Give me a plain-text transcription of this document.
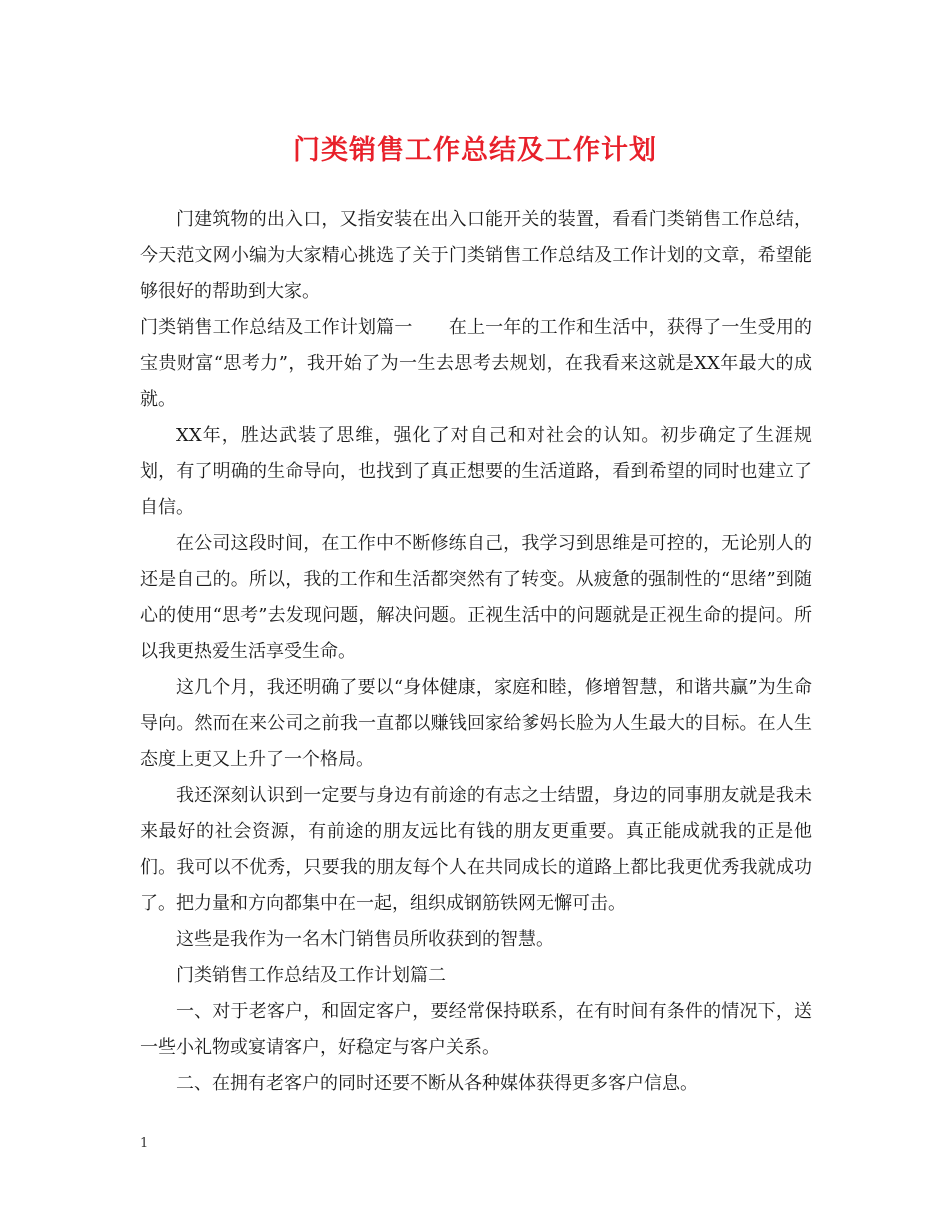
门类销售工作总结及工作计划

门建筑物的出入口，又指安装在出入口能开关的装置，看看门类销售工作总结，今天范文网小编为大家精心挑选了关于门类销售工作总结及工作计划的文章，希望能够很好的帮助到大家。

门类销售工作总结及工作计划篇一　　在上一年的工作和生活中，获得了一生受用的宝贵财富“思考力”，我开始了为一生去思考去规划，在我看来这就是XX年最大的成就。

XX年，胜达武装了思维，强化了对自己和对社会的认知。初步确定了生涯规划，有了明确的生命导向，也找到了真正想要的生活道路，看到希望的同时也建立了自信。

在公司这段时间，在工作中不断修练自己，我学习到思维是可控的，无论别人的还是自己的。所以，我的工作和生活都突然有了转变。从疲惫的强制性的“思绪”到随心的使用“思考”去发现问题，解决问题。正视生活中的问题就是正视生命的提问。所以我更热爱生活享受生命。

这几个月，我还明确了要以“身体健康，家庭和睦，修增智慧，和谐共赢”为生命导向。然而在来公司之前我一直都以赚钱回家给爹妈长脸为人生最大的目标。在人生态度上更又上升了一个格局。

我还深刻认识到一定要与身边有前途的有志之士结盟，身边的同事朋友就是我未来最好的社会资源，有前途的朋友远比有钱的朋友更重要。真正能成就我的正是他们。我可以不优秀，只要我的朋友每个人在共同成长的道路上都比我更优秀我就成功了。把力量和方向都集中在一起，组织成钢筋铁网无懈可击。

这些是我作为一名木门销售员所收获到的智慧。

门类销售工作总结及工作计划篇二

一、对于老客户，和固定客户，要经常保持联系，在有时间有条件的情况下，送一些小礼物或宴请客户，好稳定与客户关系。

二、在拥有老客户的同时还要不断从各种媒体获得更多客户信息。

1
